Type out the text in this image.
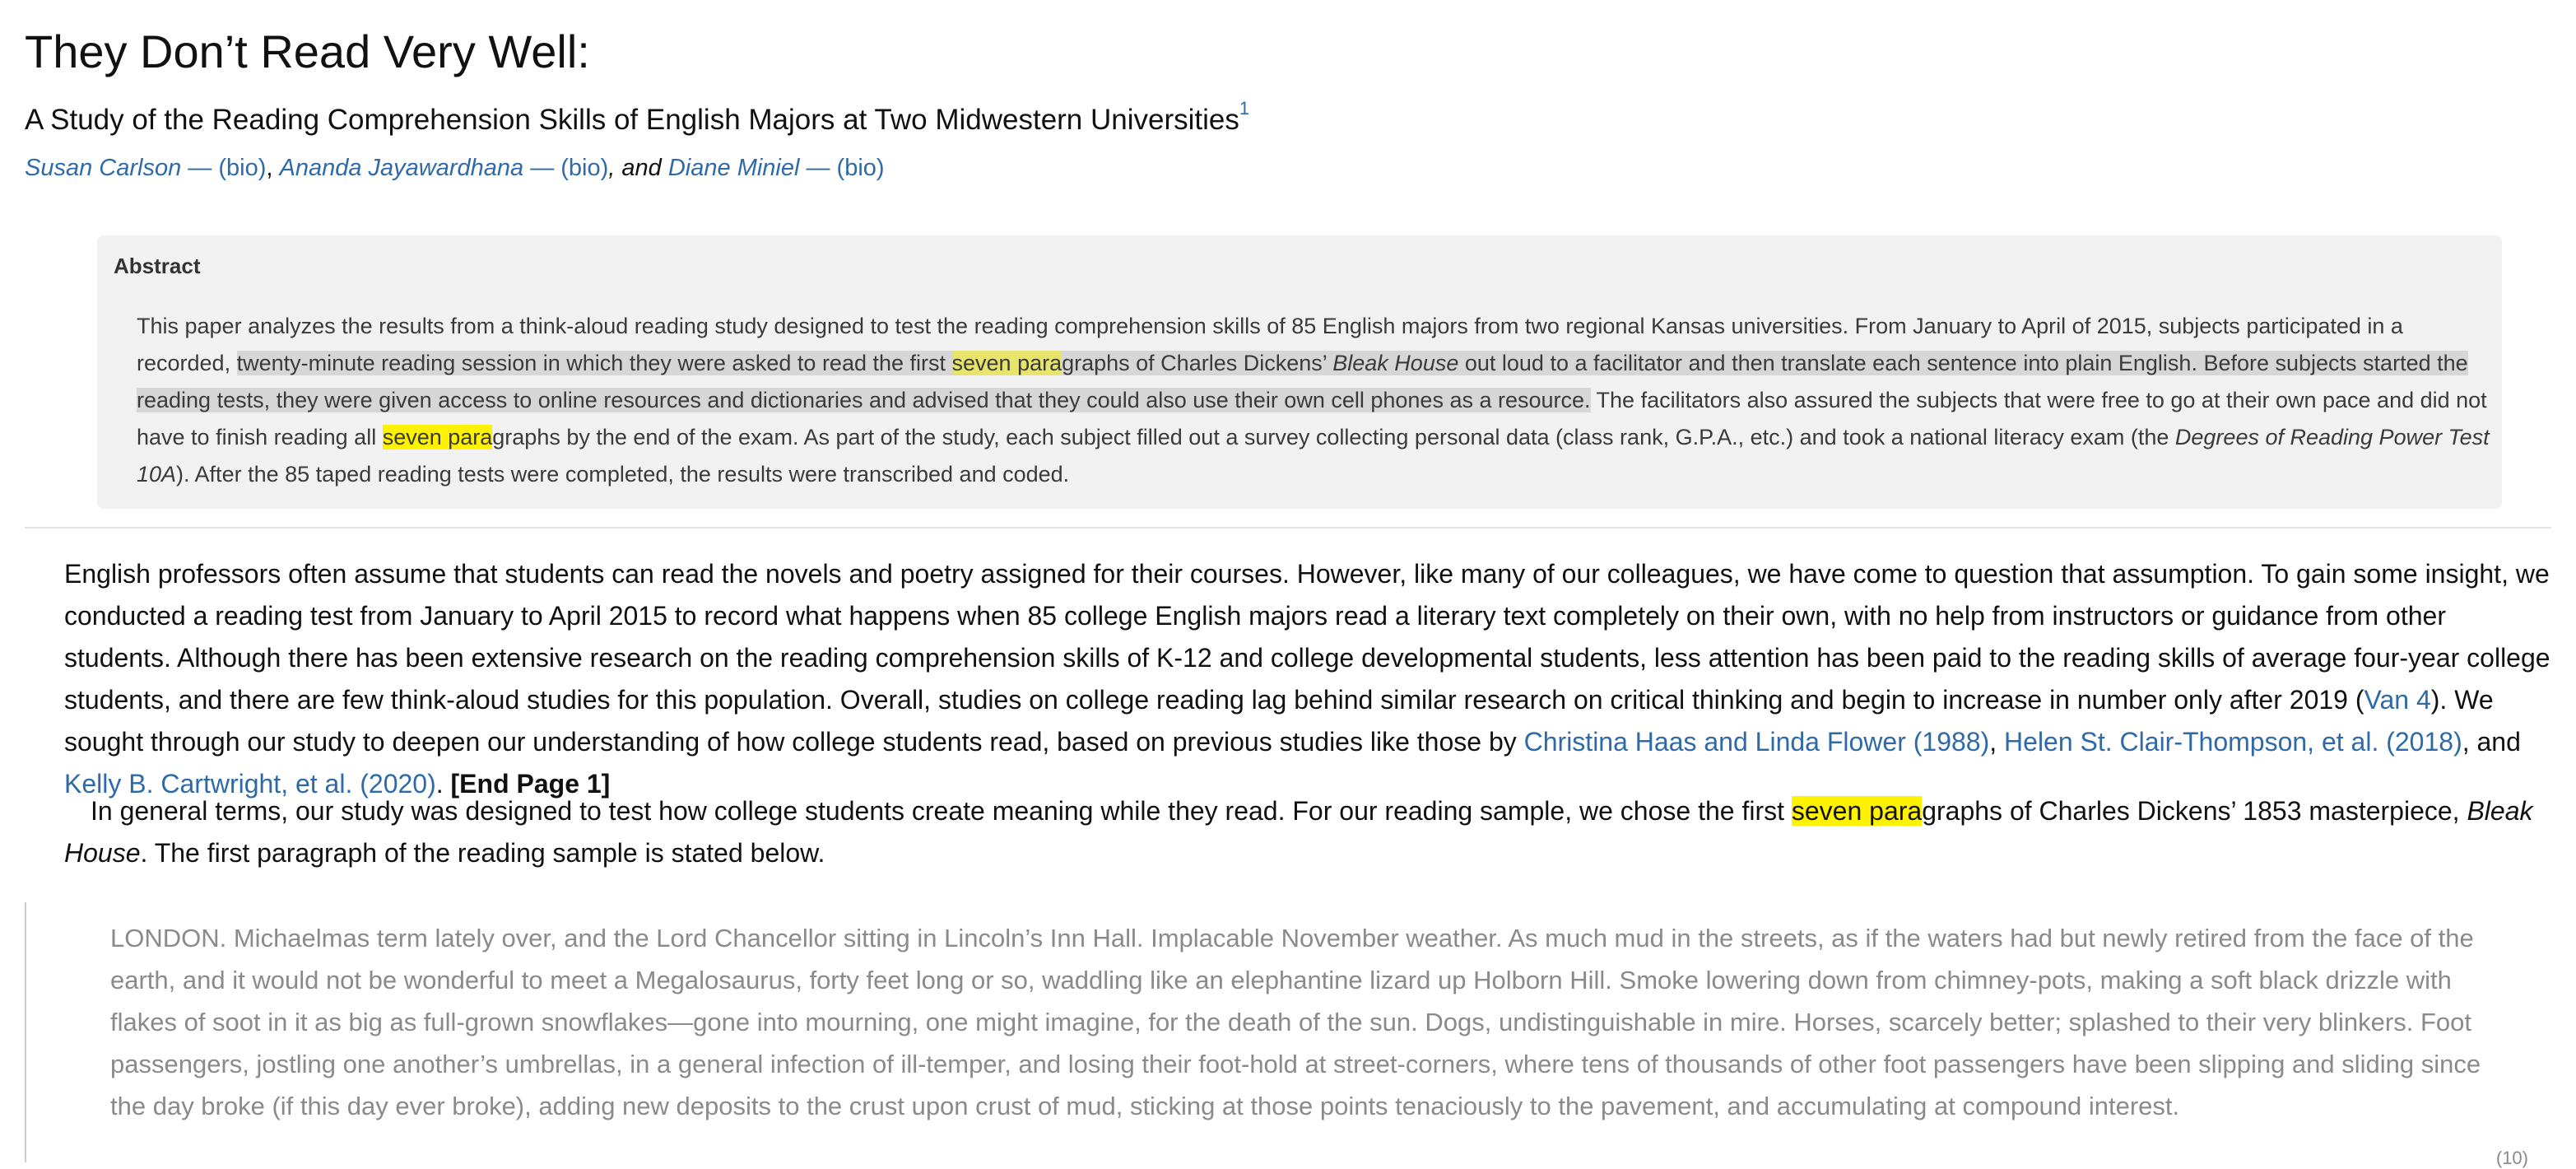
They Don’t Read Very Well:
A Study of the Reading Comprehension Skills of English Majors at Two Midwestern Universities$^1$
Susan Carlson — (bio), Ananda Jayawardhana — (bio), and Diane Miniel — (bio)
Abstract
This paper analyzes the results from a think-aloud reading study designed to test the reading comprehension skills of 85 English majors from two regional Kansas universities. From January to April of 2015, subjects participated in a recorded, twenty-minute reading session in which they were asked to read the first seven paragraphs of Charles Dickens’ Bleak House out loud to a facilitator and then translate each sentence into plain English. Before subjects started the reading tests, they were given access to online resources and dictionaries and advised that they could also use their own cell phones as a resource. The facilitators also assured the subjects that were free to go at their own pace and did not have to finish reading all seven paragraphs by the end of the exam. As part of the study, each subject filled out a survey collecting personal data (class rank, G.P.A., etc.) and took a national literacy exam (the Degrees of Reading Power Test 10A). After the 85 taped reading tests were completed, the results were transcribed and coded.
English professors often assume that students can read the novels and poetry assigned for their courses. However, like many of our colleagues, we have come to question that assumption. To gain some insight, we conducted a reading test from January to April 2015 to record what happens when 85 college English majors read a literary text completely on their own, with no help from instructors or guidance from other students. Although there has been extensive research on the reading comprehension skills of K-12 and college developmental students, less attention has been paid to the reading skills of average four-year college students, and there are few think-aloud studies for this population. Overall, studies on college reading lag behind similar research on critical thinking and begin to increase in number only after 2019 (Van 4). We sought through our study to deepen our understanding of how college students read, based on previous studies like those by Christina Haas and Linda Flower (1988), Helen St. Clair-Thompson, et al. (2018), and Kelly B. Cartwright, et al. (2020). [End Page 1]
In general terms, our study was designed to test how college students create meaning while they read. For our reading sample, we chose the first seven paragraphs of Charles Dickens’ 1853 masterpiece, Bleak House. The first paragraph of the reading sample is stated below.
LONDON. Michaelmas term lately over, and the Lord Chancellor sitting in Lincoln’s Inn Hall. Implacable November weather. As much mud in the streets, as if the waters had but newly retired from the face of the earth, and it would not be wonderful to meet a Megalosaurus, forty feet long or so, waddling like an elephantine lizard up Holborn Hill. Smoke lowering down from chimney-pots, making a soft black drizzle with flakes of soot in it as big as full-grown snowflakes—gone into mourning, one might imagine, for the death of the sun. Dogs, undistinguishable in mire. Horses, scarcely better; splashed to their very blinkers. Foot passengers, jostling one another’s umbrellas, in a general infection of ill-temper, and losing their foot-hold at street-corners, where tens of thousands of other foot passengers have been slipping and sliding since the day broke (if this day ever broke), adding new deposits to the crust upon crust of mud, sticking at those points tenaciously to the pavement, and accumulating at compound interest.
(10)
